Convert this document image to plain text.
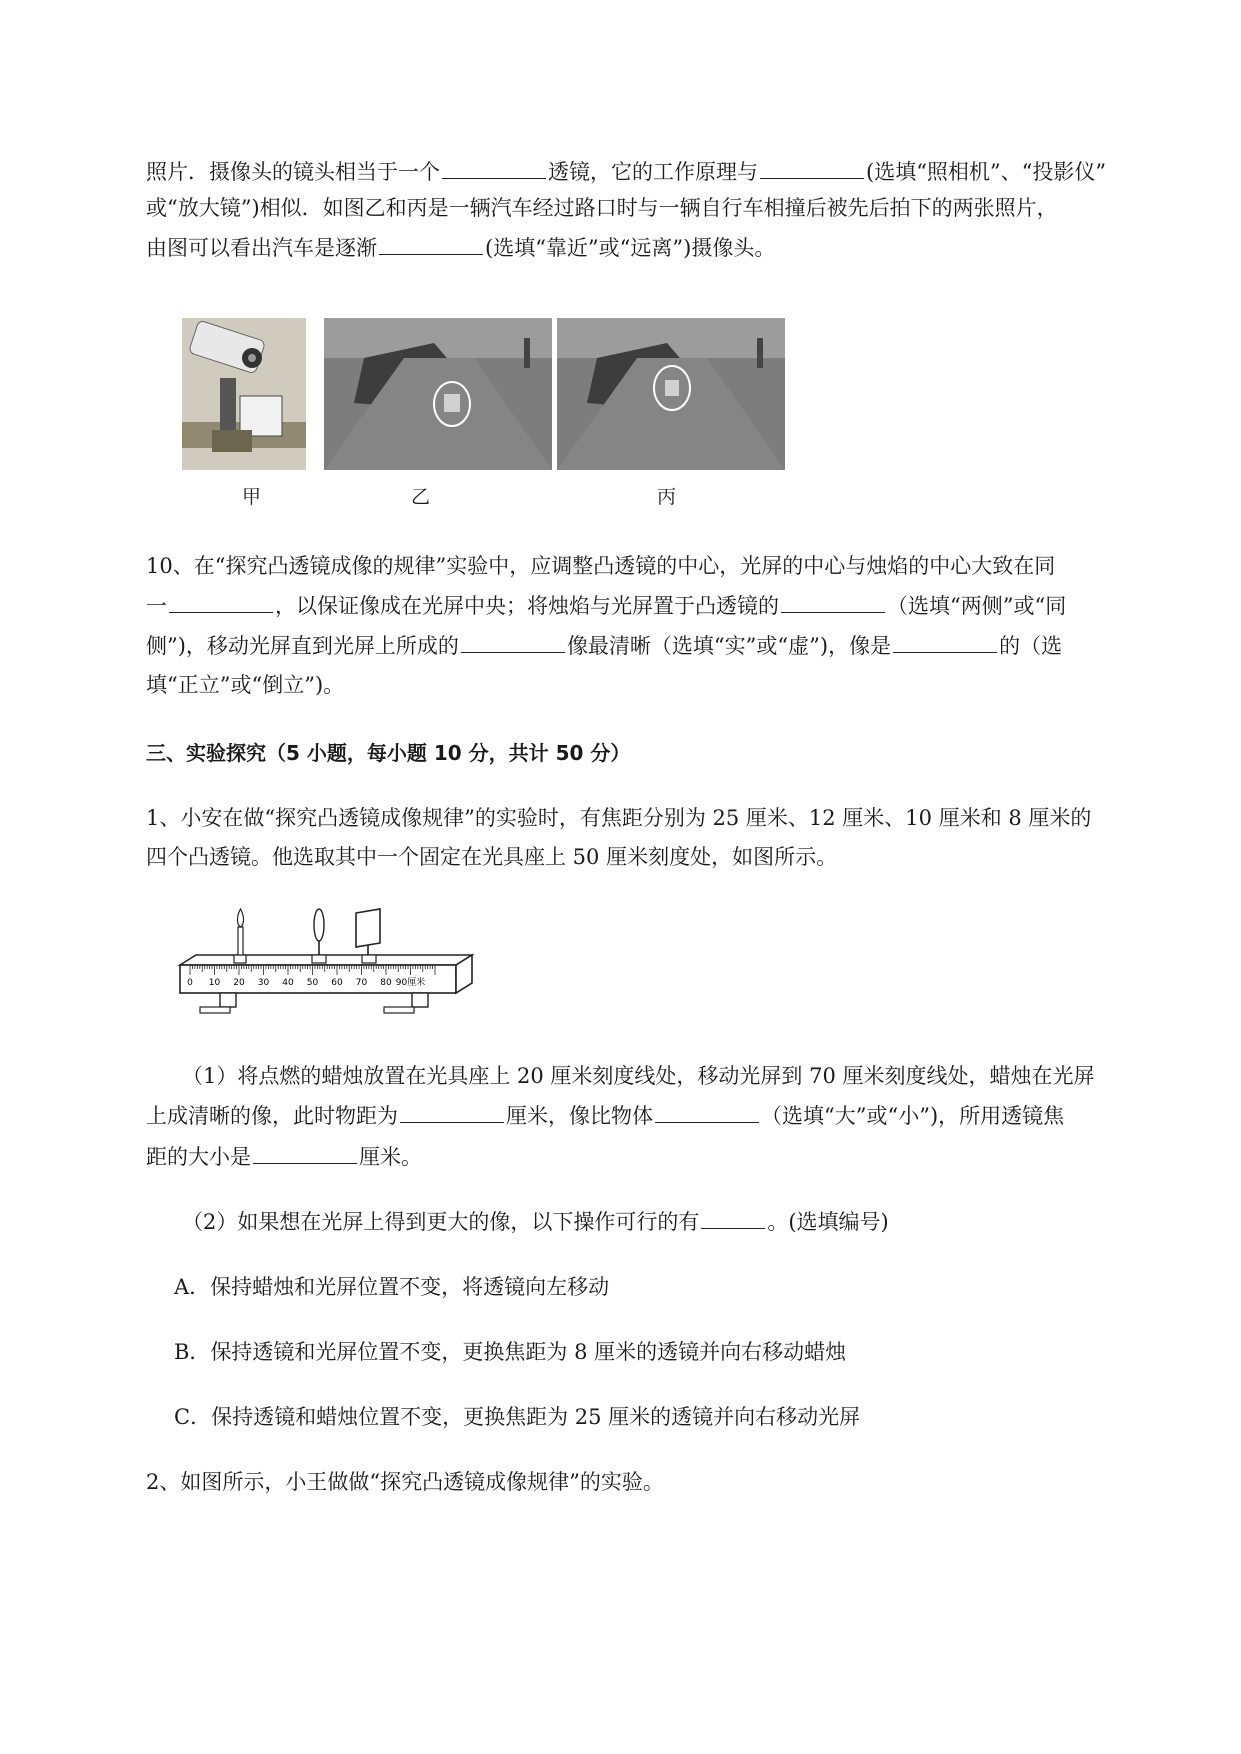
照片．摄像头的镜头相当于一个	透镜，它的工作原理与	(选填“照相机”、“投影仪”
或“放大镜”)相似．如图乙和丙是一辆汽车经过路口时与一辆自行车相撞后被先后拍下的两张照片，
由图可以看出汽车是逐渐	(选填“靠近”或“远离”)摄像头。
甲	乙	丙
10、在“探究凸透镜成像的规律”实验中，应调整凸透镜的中心，光屏的中心与烛焰的中心大致在同
一	，以保证像成在光屏中央；将烛焰与光屏置于凸透镜的	（选填“两侧”或“同
侧”)，移动光屏直到光屏上所成的	像最清晰（选填“实”或“虚”)，像是	的（选
填“正立”或“倒立”)。
三、实验探究（5 小题，每小题 10 分，共计 50 分）
1、小安在做“探究凸透镜成像规律”的实验时，有焦距分别为 25 厘米、12 厘米、10 厘米和 8 厘米的
四个凸透镜。他选取其中一个固定在光具座上 50 厘米刻度处，如图所示。
0 10 20 30 40 50 60 70 80 90厘米
（1）将点燃的蜡烛放置在光具座上 20 厘米刻度线处，移动光屏到 70 厘米刻度线处，蜡烛在光屏
上成清晰的像，此时物距为	厘米，像比物体	（选填“大”或“小”)，所用透镜焦
距的大小是	厘米。
（2）如果想在光屏上得到更大的像，以下操作可行的有	。(选填编号)
A．保持蜡烛和光屏位置不变，将透镜向左移动
B．保持透镜和光屏位置不变，更换焦距为 8 厘米的透镜并向右移动蜡烛
C．保持透镜和蜡烛位置不变，更换焦距为 25 厘米的透镜并向右移动光屏
2、如图所示，小王做做“探究凸透镜成像规律”的实验。
